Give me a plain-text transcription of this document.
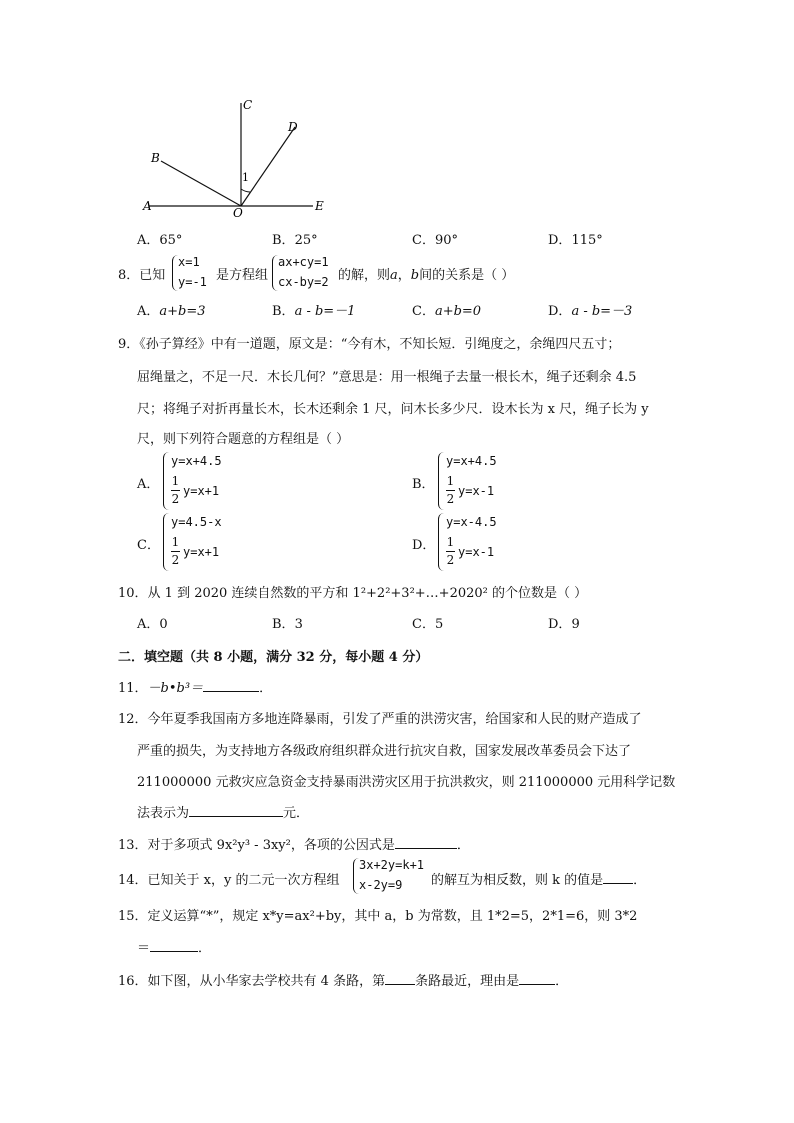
C
D
B
1
A	O	E
A．65°	B．25°	C．90°	D．115°
8．已知
x=1
y=-1 是方程组
ax+cy=1
cx-by=2 的解，则a，b间的关系是（ ）
A．a+b=3	B．a - b=－1	C．a+b=0	D．a - b=－3
9．《孙子算经》中有一道题，原文是：“今有木，不知长短．引绳度之，余绳四尺五寸；
屈绳量之，不足一尺．木长几何？”意思是：用一根绳子去量一根长木，绳子还剩余 4.5
尺；将绳子对折再量长木，长木还剩余 1 尺，问木长多少尺．设木长为 x 尺，绳子长为 y
尺，则下列符合题意的方程组是（ ）
A．
y=x+4.5
1
2
y=x+1	B．
y=x+4.5
1
2
y=x-1
C．
y=4.5-x
1
2
y=x+1	D．
y=x-4.5
1
2
y=x-1
10．从 1 到 2020 连续自然数的平方和 1²+2²+3²+…+2020² 的个位数是（ ）
A．0	B．3	C．5	D．9
二．填空题（共 8 小题，满分 32 分，每小题 4 分）
11．－b•b³＝	．
12．今年夏季我国南方多地连降暴雨，引发了严重的洪涝灾害，给国家和人民的财产造成了
严重的损失，为支持地方各级政府组织群众进行抗灾自救，国家发展改革委员会下达了
211000000 元救灾应急资金支持暴雨洪涝灾区用于抗洪救灾，则 211000000 元用科学记数
法表示为	元．
13．对于多项式 9x²y³ - 3xy²，各项的公因式是	．
14．已知关于 x，y 的二元一次方程组
3x+2y=k+1
x-2y=9 的解互为相反数，则 k 的值是 ．
15．定义运算“*”，规定 x*y=ax²+by，其中 a，b 为常数，且 1*2=5，2*1=6，则 3*2
＝	．
16．如下图，从小华家去学校共有 4 条路，第 条路最近，理由是	．
